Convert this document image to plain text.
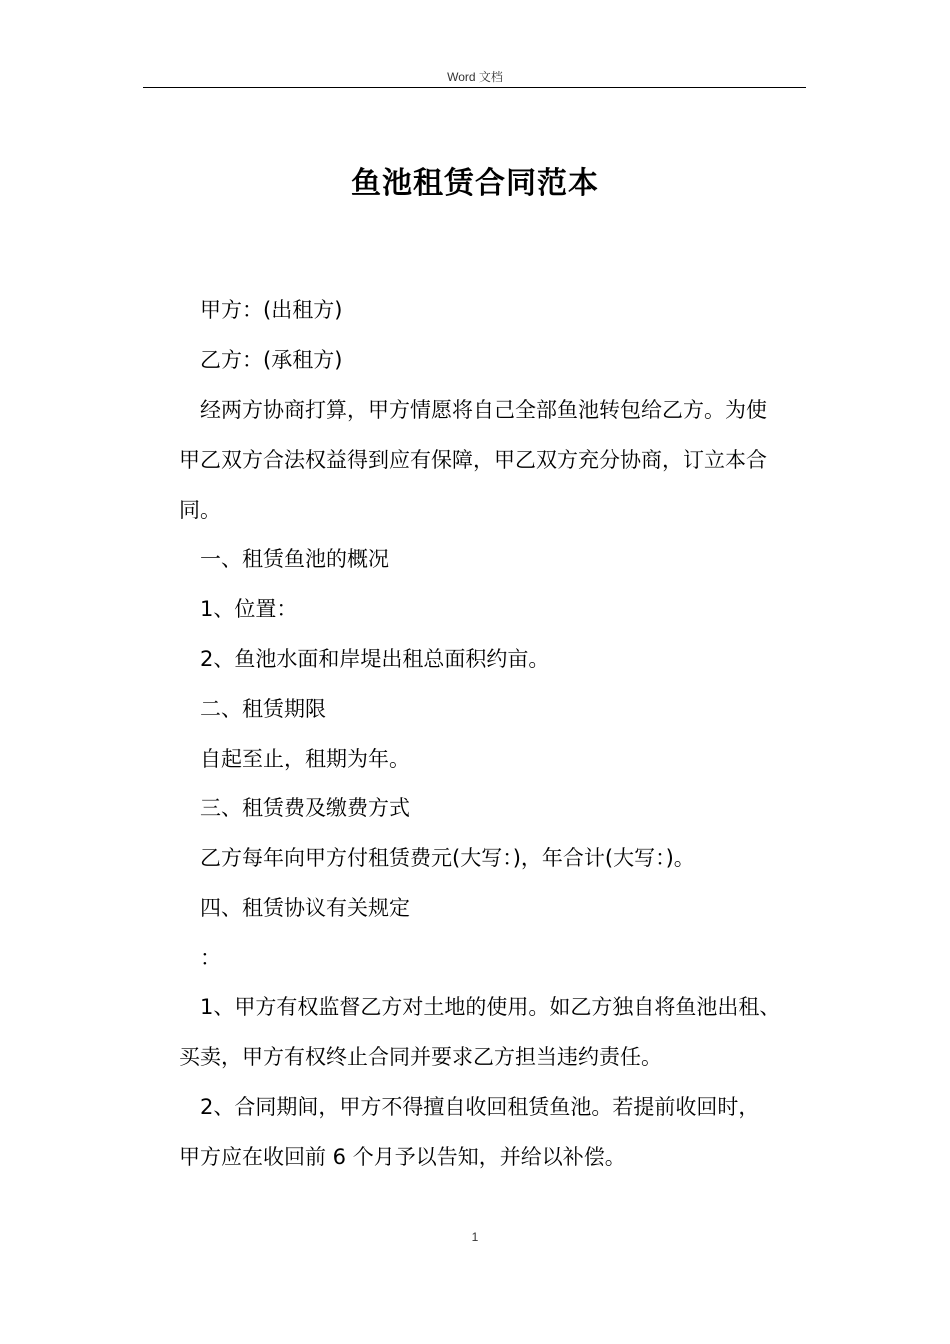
Word 文档
鱼池租赁合同范本
甲方：(出租方)
乙方：(承租方)
经两方协商打算，甲方情愿将自己全部鱼池转包给乙方。为使
甲乙双方合法权益得到应有保障，甲乙双方充分协商，订立本合
同。
一、租赁鱼池的概况
1、位置：
2、鱼池水面和岸堤出租总面积约亩。
二、租赁期限
自起至止，租期为年。
三、租赁费及缴费方式
乙方每年向甲方付租赁费元(大写：)，年合计(大写：)。
四、租赁协议有关规定
：
1、甲方有权监督乙方对土地的使用。如乙方独自将鱼池出租、
买卖，甲方有权终止合同并要求乙方担当违约责任。
2、合同期间，甲方不得擅自收回租赁鱼池。若提前收回时，
甲方应在收回前 6 个月予以告知，并给以补偿。
1
